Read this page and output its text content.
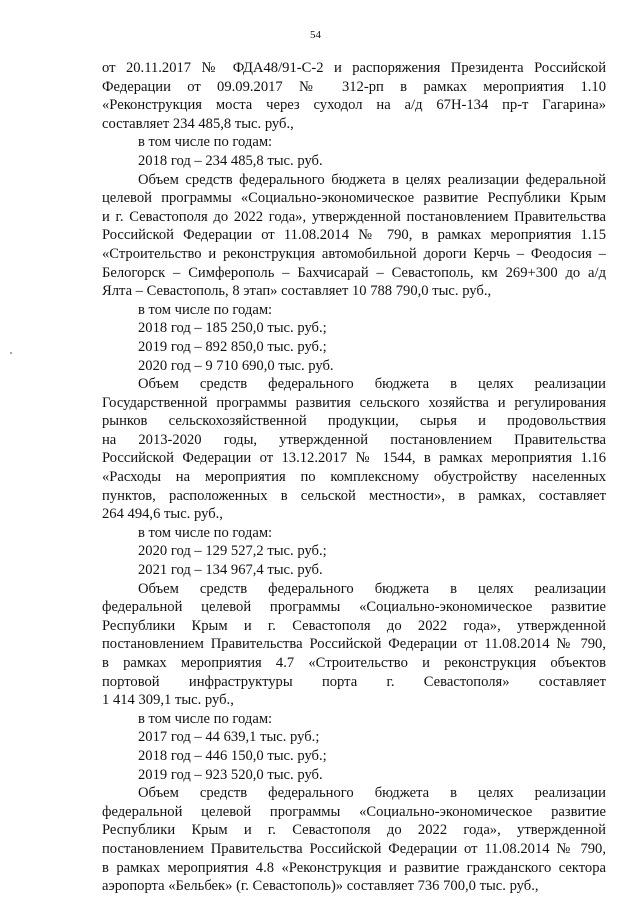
54
от 20.11.2017 № ФДА48/91-С-2 и распоряжения Президента Российской
Федерации от 09.09.2017 № 312-рп в рамках мероприятия 1.10
«Реконструкция моста через суходол на а/д 67Н-134 пр-т Гагарина»
составляет 234 485,8 тыс. руб.,
в том числе по годам:
2018 год – 234 485,8 тыс. руб.
Объем средств федерального бюджета в целях реализации федеральной
целевой программы «Социально-экономическое развитие Республики Крым
и г. Севастополя до 2022 года», утвержденной постановлением Правительства
Российской Федерации от 11.08.2014 № 790, в рамках мероприятия 1.15
«Строительство и реконструкция автомобильной дороги Керчь – Феодосия –
Белогорск – Симферополь – Бахчисарай – Севастополь, км 269+300 до а/д
Ялта – Севастополь, 8 этап» составляет 10 788 790,0 тыс. руб.,
в том числе по годам:
2018 год – 185 250,0 тыс. руб.;
2019 год – 892 850,0 тыс. руб.;
2020 год – 9 710 690,0 тыс. руб.
Объем средств федерального бюджета в целях реализации
Государственной программы развития сельского хозяйства и регулирования
рынков сельскохозяйственной продукции, сырья и продовольствия
на 2013-2020 годы, утвержденной постановлением Правительства
Российской Федерации от 13.12.2017 № 1544, в рамках мероприятия 1.16
«Расходы на мероприятия по комплексному обустройству населенных
пунктов, расположенных в сельской местности», в рамках, составляет
264 494,6 тыс. руб.,
в том числе по годам:
2020 год – 129 527,2 тыс. руб.;
2021 год – 134 967,4 тыс. руб.
Объем средств федерального бюджета в целях реализации
федеральной целевой программы «Социально-экономическое развитие
Республики Крым и г. Севастополя до 2022 года», утвержденной
постановлением Правительства Российской Федерации от 11.08.2014 № 790,
в рамках мероприятия 4.7 «Строительство и реконструкция объектов
портовой инфраструктуры порта г. Севастополя» составляет
1 414 309,1 тыс. руб.,
в том числе по годам:
2017 год – 44 639,1 тыс. руб.;
2018 год – 446 150,0 тыс. руб.;
2019 год – 923 520,0 тыс. руб.
Объем средств федерального бюджета в целях реализации
федеральной целевой программы «Социально-экономическое развитие
Республики Крым и г. Севастополя до 2022 года», утвержденной
постановлением Правительства Российской Федерации от 11.08.2014 № 790,
в рамках мероприятия 4.8 «Реконструкция и развитие гражданского сектора
аэропорта «Бельбек» (г. Севастополь)» составляет 736 700,0 тыс. руб.,
